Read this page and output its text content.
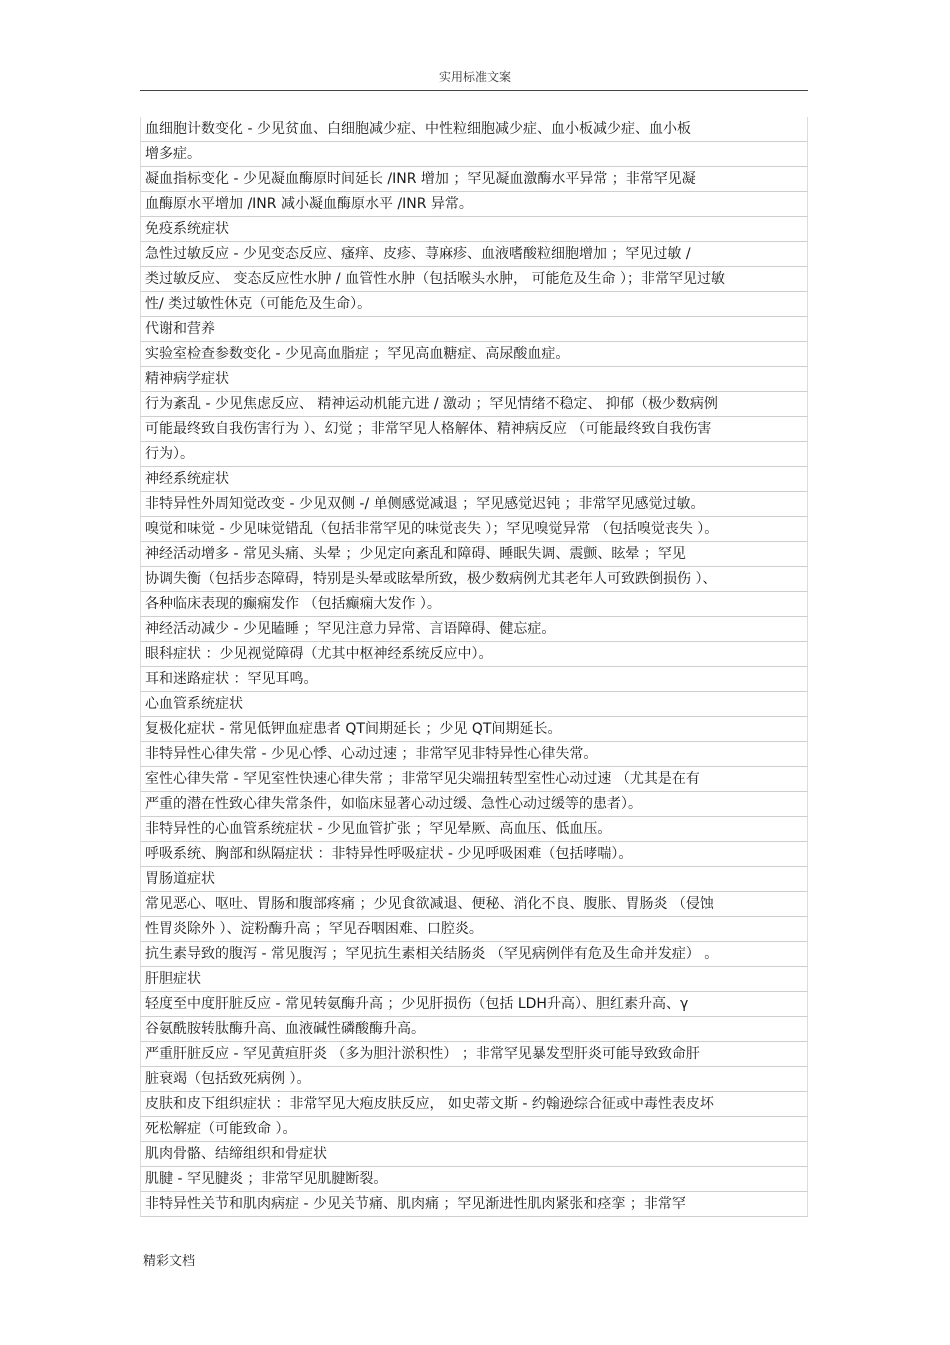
实用标准文案
血细胞计数变化 - 少见贫血、白细胞减少症、中性粒细胞减少症、血小板减少症、血小板
增多症。
凝血指标变化 - 少见凝血酶原时间延长 /INR 增加 ；罕见凝血激酶水平异常 ；非常罕见凝
血酶原水平增加 /INR 减小凝血酶原水平 /INR 异常。
免疫系统症状
急性过敏反应 - 少见变态反应、瘙痒、皮疹、荨麻疹、血液嗜酸粒细胞增加 ；罕见过敏 /
类过敏反应、 变态反应性水肿 / 血管性水肿（包括喉头水肿， 可能危及生命 ）；非常罕见过敏
性/ 类过敏性休克（可能危及生命）。
代谢和营养
实验室检查参数变化 - 少见高血脂症 ；罕见高血糖症、高尿酸血症。
精神病学症状
行为紊乱 - 少见焦虑反应、 精神运动机能亢进 / 激动 ；罕见情绪不稳定、 抑郁（极少数病例
可能最终致自我伤害行为 ）、幻觉 ；非常罕见人格解体、精神病反应 （可能最终致自我伤害
行为）。
神经系统症状
非特异性外周知觉改变 - 少见双侧 -/ 单侧感觉减退 ；罕见感觉迟钝 ；非常罕见感觉过敏。
嗅觉和味觉 - 少见味觉错乱（包括非常罕见的味觉丧失 ）；罕见嗅觉异常 （包括嗅觉丧失 ）。
神经活动增多 - 常见头痛、头晕 ；少见定向紊乱和障碍、睡眠失调、震颤、眩晕 ；罕见
协调失衡（包括步态障碍，特别是头晕或眩晕所致，极少数病例尤其老年人可致跌倒损伤 ）、
各种临床表现的癫痫发作 （包括癫痫大发作 ）。
神经活动减少 - 少见瞌睡 ；罕见注意力异常、言语障碍、健忘症。
眼科症状 ：少见视觉障碍（尤其中枢神经系统反应中）。
耳和迷路症状 ：罕见耳鸣。
心血管系统症状
复极化症状 - 常见低钾血症患者 QT间期延长 ；少见 QT间期延长。
非特异性心律失常 - 少见心悸、心动过速 ；非常罕见非特异性心律失常。
室性心律失常 - 罕见室性快速心律失常 ；非常罕见尖端扭转型室性心动过速 （尤其是在有
严重的潜在性致心律失常条件，如临床显著心动过缓、急性心动过缓等的患者）。
非特异性的心血管系统症状 - 少见血管扩张 ；罕见晕厥、高血压、低血压。
呼吸系统、胸部和纵隔症状 ：非特异性呼吸症状 - 少见呼吸困难（包括哮喘）。
胃肠道症状
常见恶心、呕吐、胃肠和腹部疼痛 ；少见食欲减退、便秘、消化不良、腹胀、胃肠炎 （侵蚀
性胃炎除外 ）、淀粉酶升高 ；罕见吞咽困难、口腔炎。
抗生素导致的腹泻 - 常见腹泻 ；罕见抗生素相关结肠炎 （罕见病例伴有危及生命并发症） 。
肝胆症状
轻度至中度肝脏反应 - 常见转氨酶升高 ；少见肝损伤（包括 LDH升高）、胆红素升高、γ
谷氨酰胺转肽酶升高、血液碱性磷酸酶升高。
严重肝脏反应 - 罕见黄疸肝炎 （多为胆汁淤积性） ；非常罕见暴发型肝炎可能导致致命肝
脏衰竭（包括致死病例 ）。
皮肤和皮下组织症状 ：非常罕见大疱皮肤反应， 如史蒂文斯 - 约翰逊综合征或中毒性表皮坏
死松解症（可能致命 ）。
肌肉骨骼、结缔组织和骨症状
肌腱 - 罕见腱炎 ；非常罕见肌腱断裂。
非特异性关节和肌肉病症 - 少见关节痛、肌肉痛 ；罕见渐进性肌肉紧张和痉挛 ；非常罕
精彩文档
